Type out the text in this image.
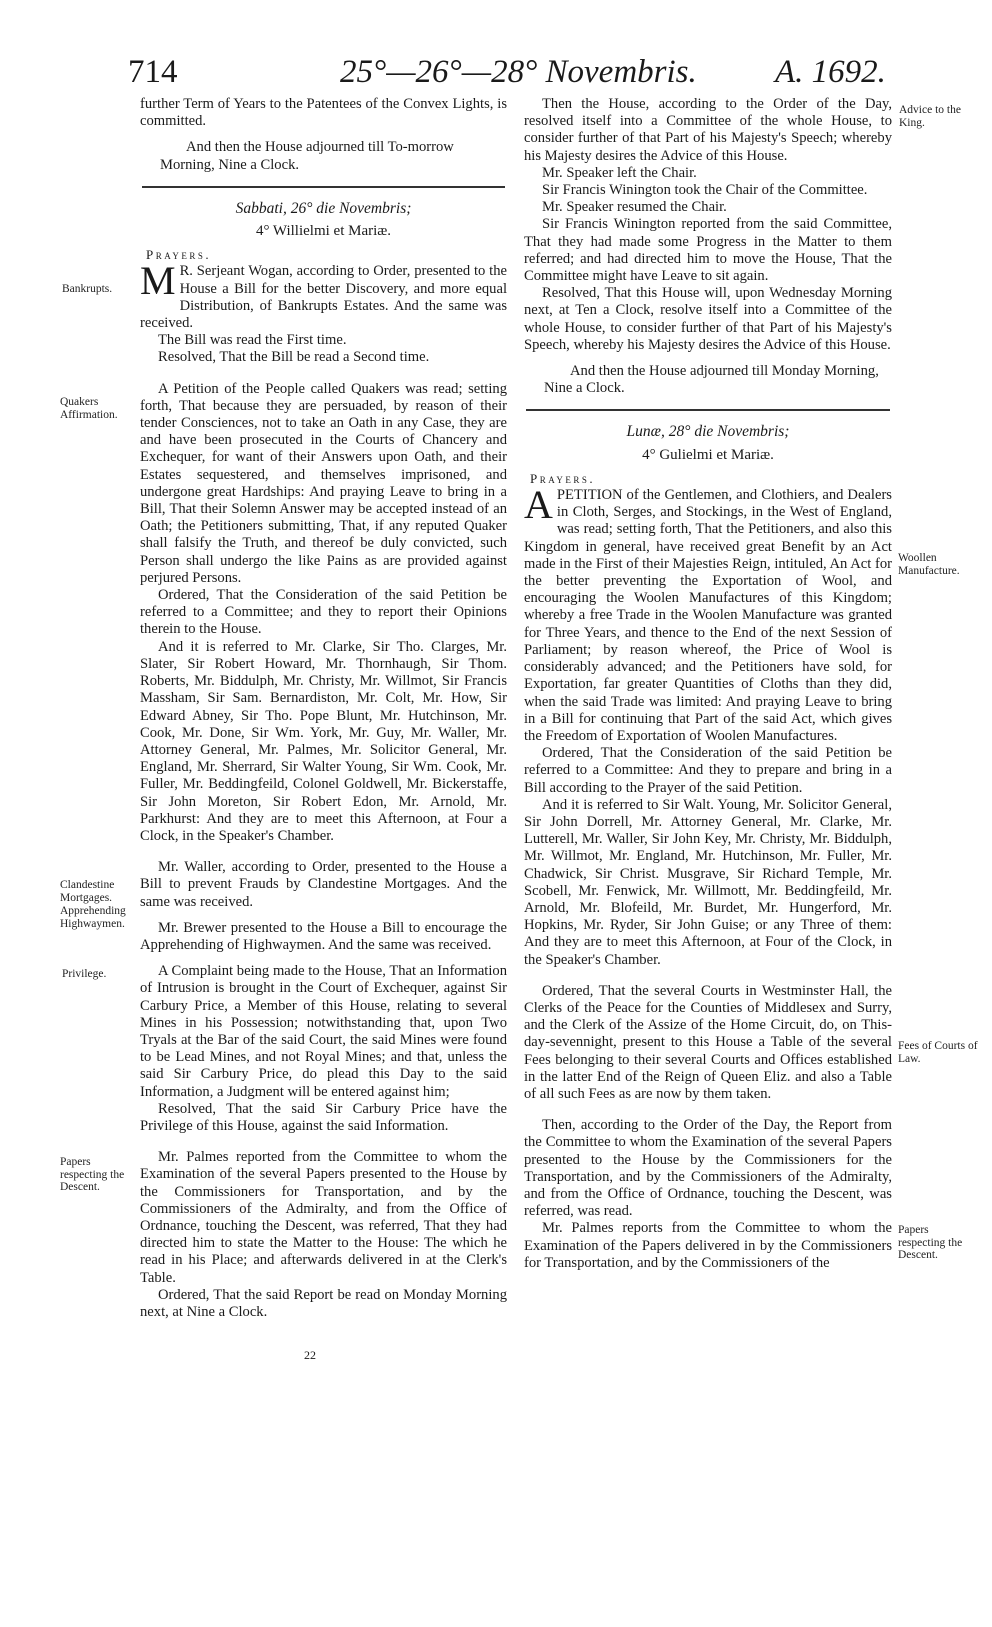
714	25°—26°—28° Novembris. A. 1692.
Bankrupts.
Quakers Affirmation.
Clandestine Mortgages.
Apprehending Highwaymen.
Privilege.
Papers respecting the Descent.
Advice to the King.
Woollen Manufacture.
Fees of Courts of Law.
Papers respecting the Descent.

further Term of Years to the Patentees of the Convex Lights, is committed.

And then the House adjourned till To-morrow Morning, Nine a Clock.

Sabbati, 26° die Novembris;

4° Willielmi et Mariæ.

Prayers.

M R. Serjeant Wogan, according to Order, presented to the House a Bill for the better Discovery, and more equal Distribution, of Bankrupts Estates. And the same was received.

The Bill was read the First time.

Resolved, That the Bill be read a Second time.

A Petition of the People called Quakers was read; setting forth, That because they are persuaded, by reason of their tender Consciences, not to take an Oath in any Case, they are and have been prosecuted in the Courts of Chancery and Exchequer, for want of their Answers upon Oath, and their Estates sequestered, and themselves imprisoned, and undergone great Hardships: And praying Leave to bring in a Bill, That their Solemn Answer may be accepted instead of an Oath; the Petitioners submitting, That, if any reputed Quaker shall falsify the Truth, and thereof be duly convicted, such Person shall undergo the like Pains as are provided against perjured Persons.

Ordered, That the Consideration of the said Petition be referred to a Committee; and they to report their Opinions therein to the House.

And it is referred to Mr. Clarke, Sir Tho. Clarges, Mr. Slater, Sir Robert Howard, Mr. Thornhaugh, Sir Thom. Roberts, Mr. Biddulph, Mr. Christy, Mr. Willmot, Sir Francis Massham, Sir Sam. Bernardiston, Mr. Colt, Mr. How, Sir Edward Abney, Sir Tho. Pope Blunt, Mr. Hutchinson, Mr. Cook, Mr. Done, Sir Wm. York, Mr. Guy, Mr. Waller, Mr. Attorney General, Mr. Palmes, Mr. Solicitor General, Mr. England, Mr. Sherrard, Sir Walter Young, Sir Wm. Cook, Mr. Fuller, Mr. Beddingfeild, Colonel Goldwell, Mr. Bickerstaffe, Sir John Moreton, Sir Robert Edon, Mr. Arnold, Mr. Parkhurst: And they are to meet this Afternoon, at Four a Clock, in the Speaker's Chamber.

Mr. Waller, according to Order, presented to the House a Bill to prevent Frauds by Clandestine Mortgages. And the same was received.

Mr. Brewer presented to the House a Bill to encourage the Apprehending of Highwaymen. And the same was received.

A Complaint being made to the House, That an Information of Intrusion is brought in the Court of Exchequer, against Sir Carbury Price, a Member of this House, relating to several Mines in his Possession; notwithstanding that, upon Two Tryals at the Bar of the said Court, the said Mines were found to be Lead Mines, and not Royal Mines; and that, unless the said Sir Carbury Price, do plead this Day to the said Information, a Judgment will be entered against him;

Resolved, That the said Sir Carbury Price have the Privilege of this House, against the said Information.

Mr. Palmes reported from the Committee to whom the Examination of the several Papers presented to the House by the Commissioners for Transportation, and by the Commissioners of the Admiralty, and from the Office of Ordnance, touching the Descent, was referred, That they had directed him to state the Matter to the House: The which he read in his Place; and afterwards delivered in at the Clerk's Table.

Ordered, That the said Report be read on Monday Morning next, at Nine a Clock.

22

Then the House, according to the Order of the Day, resolved itself into a Committee of the whole House, to consider further of that Part of his Majesty's Speech; whereby his Majesty desires the Advice of this House.

Mr. Speaker left the Chair.

Sir Francis Winington took the Chair of the Committee.

Mr. Speaker resumed the Chair.

Sir Francis Winington reported from the said Committee, That they had made some Progress in the Matter to them referred; and had directed him to move the House, That the Committee might have Leave to sit again.

Resolved, That this House will, upon Wednesday Morning next, at Ten a Clock, resolve itself into a Committee of the whole House, to consider further of that Part of his Majesty's Speech, whereby his Majesty desires the Advice of this House.

And then the House adjourned till Monday Morning, Nine a Clock.

Lunæ, 28° die Novembris;

4° Gulielmi et Mariæ.

Prayers.

APETITION of the Gentlemen, and Clothiers, and Dealers in Cloth, Serges, and Stockings, in the West of England, was read; setting forth, That the Petitioners, and also this Kingdom in general, have received great Benefit by an Act made in the First of their Majesties Reign, intituled, An Act for the better preventing the Exportation of Wool, and encouraging the Woolen Manufactures of this Kingdom; whereby a free Trade in the Woolen Manufacture was granted for Three Years, and thence to the End of the next Session of Parliament; by reason whereof, the Price of Wool is considerably advanced; and the Petitioners have sold, for Exportation, far greater Quantities of Cloths than they did, when the said Trade was limited: And praying Leave to bring in a Bill for continuing that Part of the said Act, which gives the Freedom of Exportation of Woolen Manufactures.

Ordered, That the Consideration of the said Petition be referred to a Committee: And they to prepare and bring in a Bill according to the Prayer of the said Petition.

And it is referred to Sir Walt. Young, Mr. Solicitor General, Sir John Dorrell, Mr. Attorney General, Mr. Clarke, Mr. Lutterell, Mr. Waller, Sir John Key, Mr. Christy, Mr. Biddulph, Mr. Willmot, Mr. England, Mr. Hutchinson, Mr. Fuller, Mr. Chadwick, Sir Christ. Musgrave, Sir Richard Temple, Mr. Scobell, Mr. Fenwick, Mr. Willmott, Mr. Beddingfeild, Mr. Arnold, Mr. Blofeild, Mr. Burdet, Mr. Hungerford, Mr. Hopkins, Mr. Ryder, Sir John Guise; or any Three of them: And they are to meet this Afternoon, at Four of the Clock, in the Speaker's Chamber.

Ordered, That the several Courts in Westminster Hall, the Clerks of the Peace for the Counties of Middlesex and Surry, and the Clerk of the Assize of the Home Circuit, do, on This-day-sevennight, present to this House a Table of the several Fees belonging to their several Courts and Offices established in the latter End of the Reign of Queen Eliz. and also a Table of all such Fees as are now by them taken.

Then, according to the Order of the Day, the Report from the Committee to whom the Examination of the several Papers presented to the House by the Commissioners for the Transportation, and by the Commissioners of the Admiralty, and from the Office of Ordnance, touching the Descent, was referred, was read.

Mr. Palmes reports from the Committee to whom the Examination of the Papers delivered in by the Commissioners for Transportation, and by the Commissioners of the
